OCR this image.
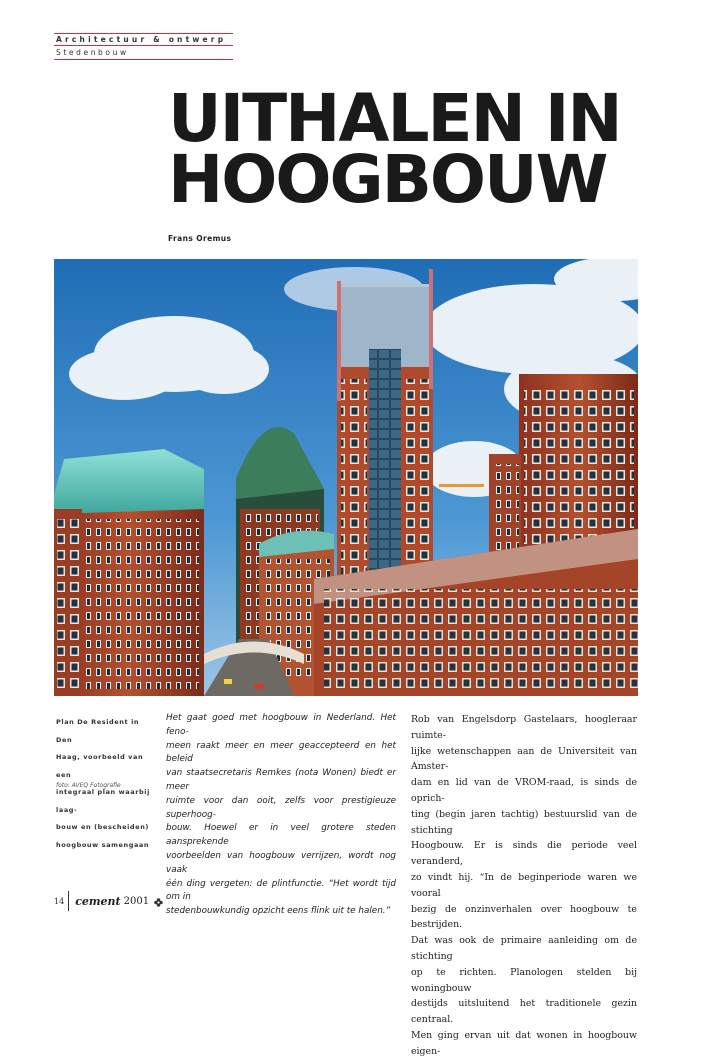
Architectuur & ontwerp
Stedenbouw
UITHALEN IN
HOOGBOUW
Frans Oremus

Plan De Resident in Den
Haag, voorbeeld van een
integraal plan waarbij laag-
bouw en (bescheiden)
hoogbouw samengaan

foto: AVEQ Fotografie

Het gaat goed met hoogbouw in Nederland. Het feno-
meen raakt meer en meer geaccepteerd en het beleid
van staatsecretaris Remkes (nota Wonen) biedt er meer
ruimte voor dan ooit, zelfs voor prestigieuze superhoog-
bouw. Hoewel er in veel grotere steden aansprekende
voorbeelden van hoogbouw verrijzen, wordt nog vaak
één ding vergeten: de plintfunctie. “Het wordt tijd om in
stedenbouwkundig opzicht eens flink uit te halen.”

Rob van Engelsdorp Gastelaars, hoogleraar ruimte-
lijke wetenschappen aan de Universiteit van Amster-
dam en lid van de VROM-raad, is sinds de oprich-
ting (begin jaren tachtig) bestuurslid van de stichting
Hoogbouw. Er is sinds die periode veel veranderd,
zo vindt hij. “In de beginperiode waren we vooral
bezig de onzinverhalen over hoogbouw te bestrijden.
Dat was ook de primaire aanleiding om de stichting
op te richten. Planologen stelden bij woningbouw
destijds uitsluitend het traditionele gezin centraal.
Men ging ervan uit dat wonen in hoogbouw eigen-

14 cement 2001
